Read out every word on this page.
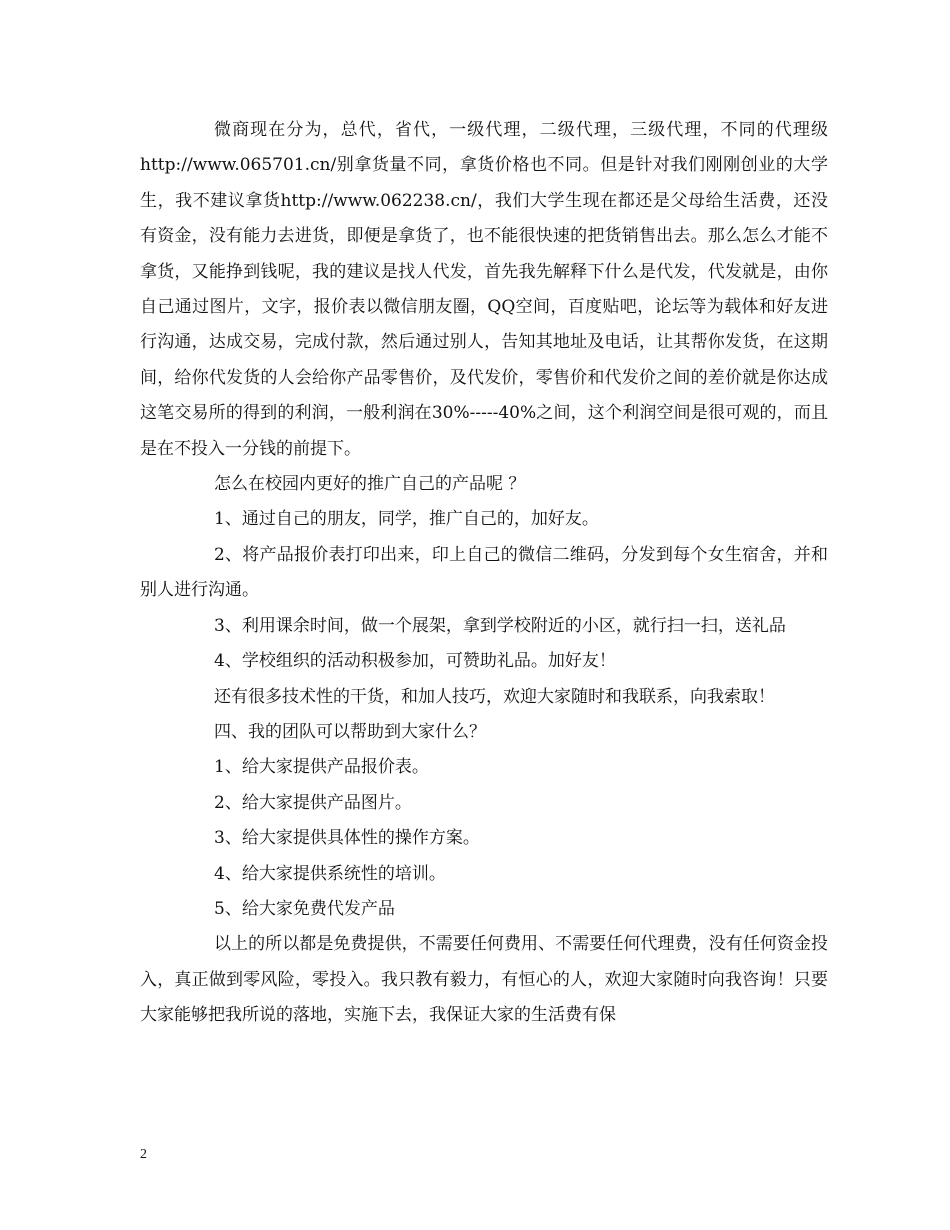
微商现在分为，总代，省代，一级代理，二级代理，三级代理，不同的代理级http://www.065701.cn/别拿货量不同，拿货价格也不同。但是针对我们刚刚创业的大学生，我不建议拿货http://www.062238.cn/，我们大学生现在都还是父母给生活费，还没有资金，没有能力去进货，即便是拿货了，也不能很快速的把货销售出去。那么怎么才能不拿货，又能挣到钱呢，我的建议是找人代发，首先我先解释下什么是代发，代发就是，由你自己通过图片，文字，报价表以微信朋友圈，QQ空间，百度贴吧，论坛等为载体和好友进行沟通，达成交易，完成付款，然后通过别人，告知其地址及电话，让其帮你发货，在这期间，给你代发货的人会给你产品零售价，及代发价，零售价和代发价之间的差价就是你达成这笔交易所的得到的利润，一般利润在30%-----40%之间，这个利润空间是很可观的，而且是在不投入一分钱的前提下。

怎么在校园内更好的推广自己的产品呢 ？

1、通过自己的朋友，同学，推广自己的，加好友。

2、将产品报价表打印出来，印上自己的微信二维码，分发到每个女生宿舍，并和别人进行沟通。

3、利用课余时间，做一个展架，拿到学校附近的小区，就行扫一扫，送礼品

4、学校组织的活动积极参加，可赞助礼品。加好友！

还有很多技术性的干货，和加人技巧，欢迎大家随时和我联系，向我索取！

四、我的团队可以帮助到大家什么？

1、给大家提供产品报价表。

2、给大家提供产品图片。

3、给大家提供具体性的操作方案。

4、给大家提供系统性的培训。

5、给大家免费代发产品

以上的所以都是免费提供，不需要任何费用、不需要任何代理费，没有任何资金投入，真正做到零风险，零投入。我只教有毅力，有恒心的人，欢迎大家随时向我咨询！只要大家能够把我所说的落地，实施下去，我保证大家的生活费有保

2
